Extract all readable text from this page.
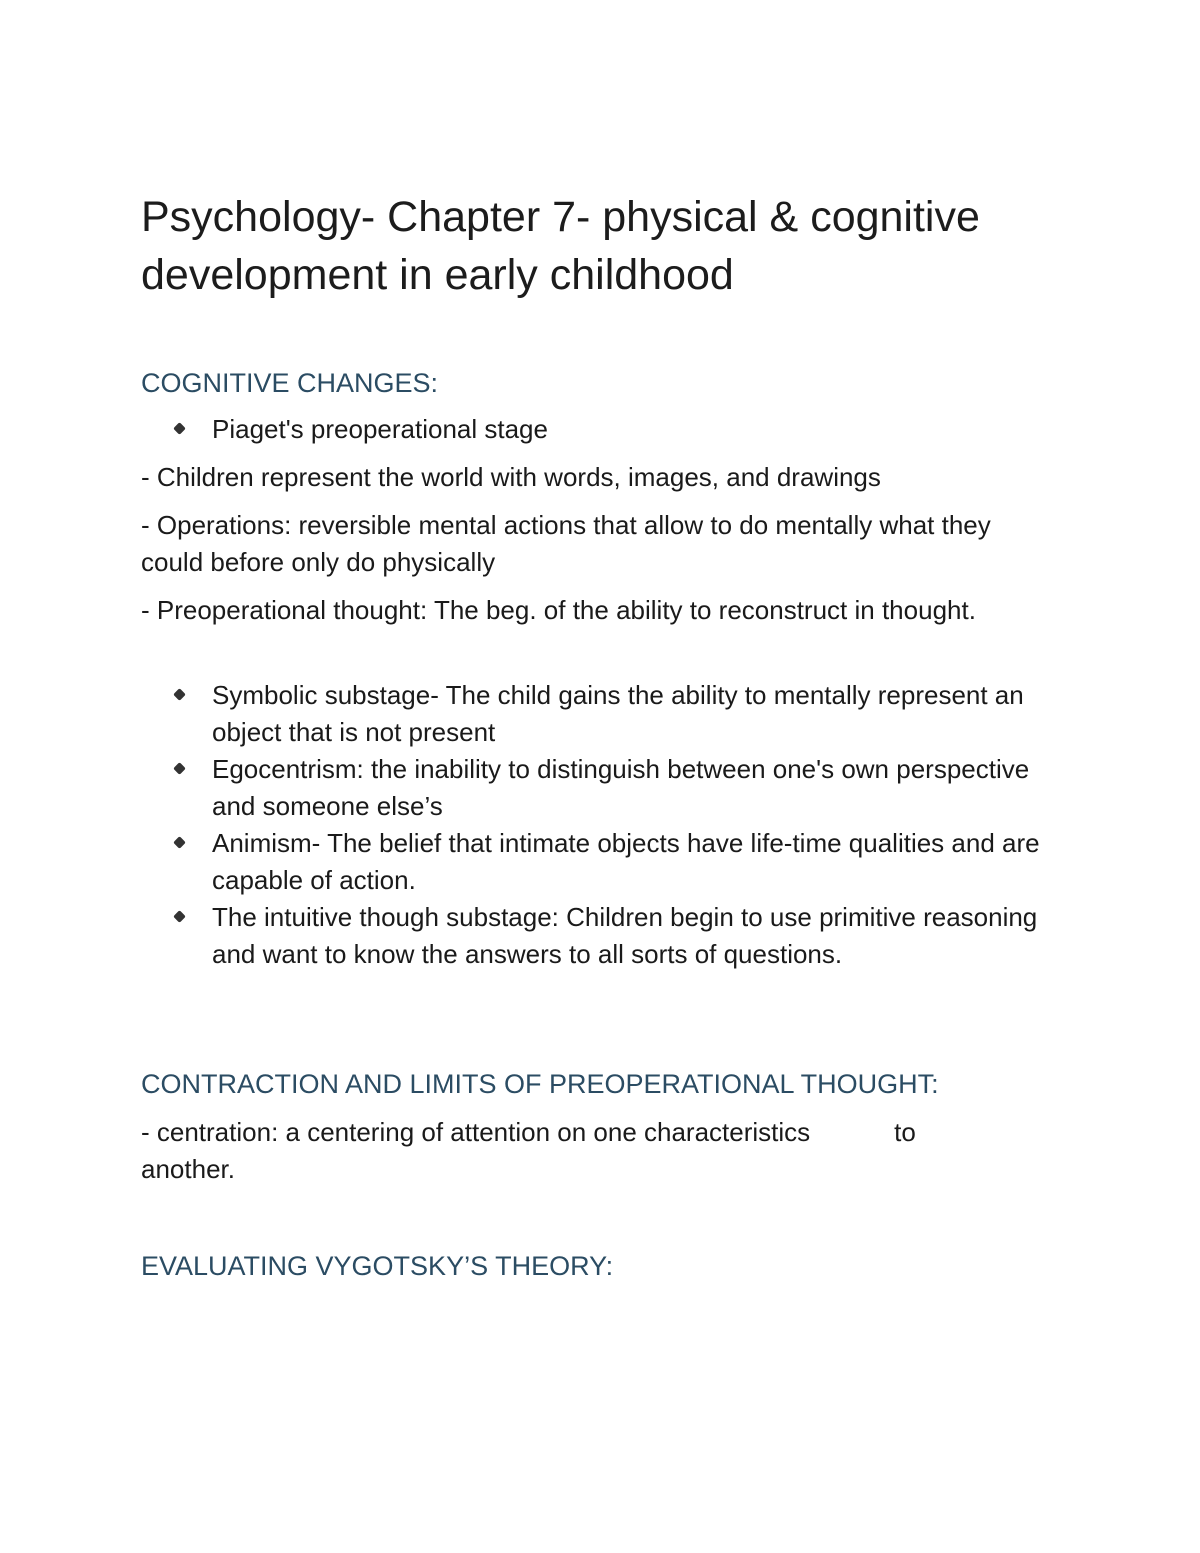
Psychology- Chapter 7- physical & cognitive development in early childhood
COGNITIVE CHANGES:
Piaget's preoperational stage

- Children represent the world with words, images, and drawings

- Operations: reversible mental actions that allow to do mentally what they could before only do physically

- Preoperational thought: The beg. of the ability to reconstruct in thought.

Symbolic substage- The child gains the ability to mentally represent an object that is not present
Egocentrism: the inability to distinguish between one's own perspective and someone else’s
Animism- The belief that intimate objects have life-time qualities and are capable of action.
The intuitive though substage: Children begin to use primitive reasoning and want to know the answers to all sorts of questions.
CONTRACTION AND LIMITS OF PREOPERATIONAL THOUGHT:

- centration: a centering of attention on one characteristics	to
another.

EVALUATING VYGOTSKY’S THEORY:
